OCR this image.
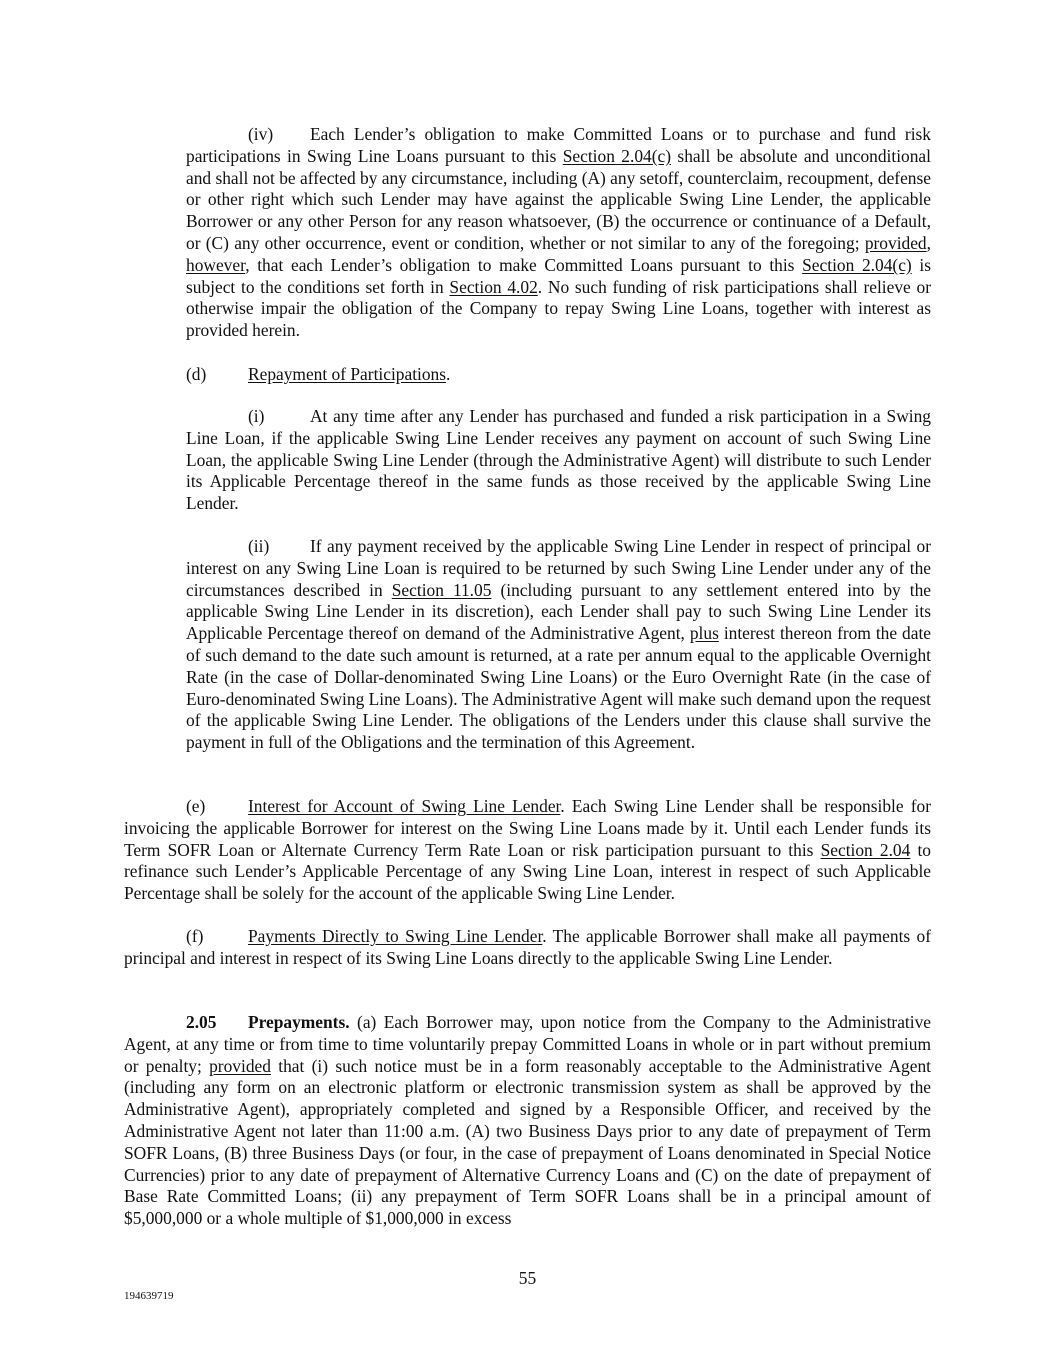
(iv) Each Lender’s obligation to make Committed Loans or to purchase and fund risk participations in Swing Line Loans pursuant to this Section 2.04(c) shall be absolute and unconditional and shall not be affected by any circumstance, including (A) any setoff, counterclaim, recoupment, defense or other right which such Lender may have against the applicable Swing Line Lender, the applicable Borrower or any other Person for any reason whatsoever, (B) the occurrence or continuance of a Default, or (C) any other occurrence, event or condition, whether or not similar to any of the foregoing; provided, however, that each Lender’s obligation to make Committed Loans pursuant to this Section 2.04(c) is subject to the conditions set forth in Section 4.02. No such funding of risk participations shall relieve or otherwise impair the obligation of the Company to repay Swing Line Loans, together with interest as provided herein.

(d) Repayment of Participations.

(i)	At any time after any Lender has purchased and funded a risk participation in a Swing Line Loan, if the applicable Swing Line Lender receives any payment on account of such Swing Line Loan, the applicable Swing Line Lender (through the Administrative Agent) will distribute to such Lender its Applicable Percentage thereof in the same funds as those received by the applicable Swing Line Lender.

(ii) If any payment received by the applicable Swing Line Lender in respect of principal or interest on any Swing Line Loan is required to be returned by such Swing Line Lender under any of the circumstances described in Section 11.05 (including pursuant to any settlement entered into by the applicable Swing Line Lender in its discretion), each Lender shall pay to such Swing Line Lender its Applicable Percentage thereof on demand of the Administrative Agent, plus interest thereon from the date of such demand to the date such amount is returned, at a rate per annum equal to the applicable Overnight Rate (in the case of Dollar-denominated Swing Line Loans) or the Euro Overnight Rate (in the case of Euro-denominated Swing Line Loans). The Administrative Agent will make such demand upon the request of the applicable Swing Line Lender. The obligations of the Lenders under this clause shall survive the payment in full of the Obligations and the termination of this Agreement.

(e) Interest for Account of Swing Line Lender. Each Swing Line Lender shall be responsible for invoicing the applicable Borrower for interest on the Swing Line Loans made by it. Until each Lender funds its Term SOFR Loan or Alternate Currency Term Rate Loan or risk participation pursuant to this Section 2.04 to refinance such Lender’s Applicable Percentage of any Swing Line Loan, interest in respect of such Applicable Percentage shall be solely for the account of the applicable Swing Line Lender.

(f)	Payments Directly to Swing Line Lender. The applicable Borrower shall make all payments of principal and interest in respect of its Swing Line Loans directly to the applicable Swing Line Lender.

2.05 Prepayments. (a) Each Borrower may, upon notice from the Company to the Administrative Agent, at any time or from time to time voluntarily prepay Committed Loans in whole or in part without premium or penalty; provided that (i) such notice must be in a form reasonably acceptable to the Administrative Agent (including any form on an electronic platform or electronic transmission system as shall be approved by the Administrative Agent), appropriately completed and signed by a Responsible Officer, and received by the Administrative Agent not later than 11:00 a.m. (A) two Business Days prior to any date of prepayment of Term SOFR Loans, (B) three Business Days (or four, in the case of prepayment of Loans denominated in Special Notice Currencies) prior to any date of prepayment of Alternative Currency Loans and (C) on the date of prepayment of Base Rate Committed Loans; (ii) any prepayment of Term SOFR Loans shall be in a principal amount of $5,000,000 or a whole multiple of $1,000,000 in excess

55
194639719
